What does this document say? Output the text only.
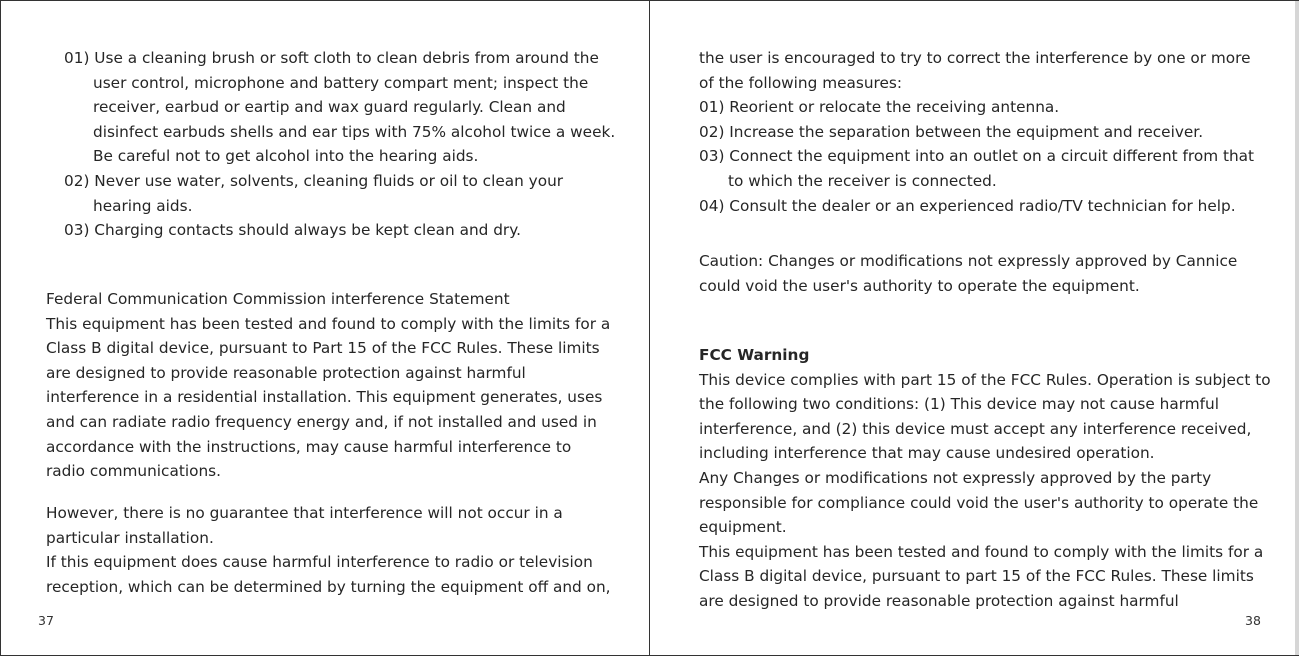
01) Use a cleaning brush or soft cloth to clean debris from around the
user control, microphone and battery compart ment; inspect the
receiver, earbud or eartip and wax guard regularly. Clean and
disinfect earbuds shells and ear tips with 75% alcohol twice a week.
Be careful not to get alcohol into the hearing aids.
02) Never use water, solvents, cleaning fluids or oil to clean your
hearing aids.
03) Charging contacts should always be kept clean and dry.
Federal Communication Commission interference Statement
This equipment has been tested and found to comply with the limits for a
Class B digital device, pursuant to Part 15 of the FCC Rules. These limits
are designed to provide reasonable protection against harmful
interference in a residential installation. This equipment generates, uses
and can radiate radio frequency energy and, if not installed and used in
accordance with the instructions, may cause harmful interference to
radio communications.
However, there is no guarantee that interference will not occur in a
particular installation.
If this equipment does cause harmful interference to radio or television
reception, which can be determined by turning the equipment off and on,
37
the user is encouraged to try to correct the interference by one or more
of the following measures:
01) Reorient or relocate the receiving antenna.
02) Increase the separation between the equipment and receiver.
03) Connect the equipment into an outlet on a circuit different from that
to which the receiver is connected.
04) Consult the dealer or an experienced radio/TV technician for help.
Caution: Changes or modifications not expressly approved by Cannice
could void the user's authority to operate the equipment.
FCC Warning
This device complies with part 15 of the FCC Rules. Operation is subject to
the following two conditions: (1) This device may not cause harmful
interference, and (2) this device must accept any interference received,
including interference that may cause undesired operation.
Any Changes or modifications not expressly approved by the party
responsible for compliance could void the user's authority to operate the
equipment.
This equipment has been tested and found to comply with the limits for a
Class B digital device, pursuant to part 15 of the FCC Rules. These limits
are designed to provide reasonable protection against harmful
38
